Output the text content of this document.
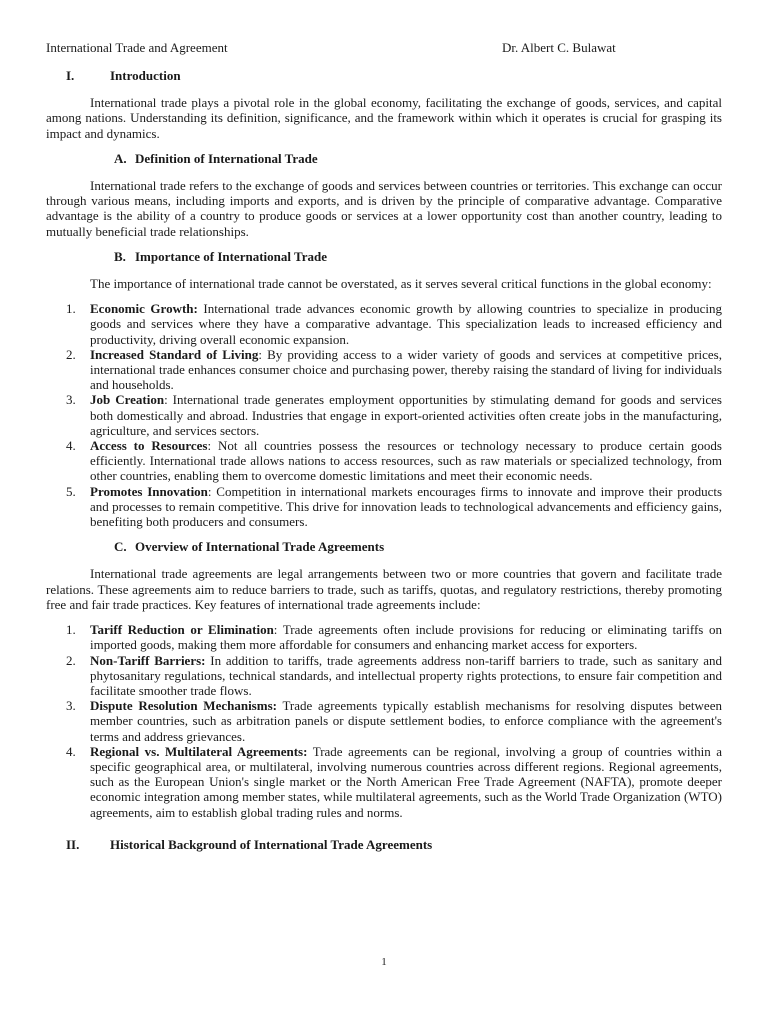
International Trade and Agreement	Dr. Albert C. Bulawat
I.	Introduction

International trade plays a pivotal role in the global economy, facilitating the exchange of goods, services, and capital among nations. Understanding its definition, significance, and the framework within which it operates is crucial for grasping its impact and dynamics.

A. Definition of International Trade

International trade refers to the exchange of goods and services between countries or territories. This exchange can occur through various means, including imports and exports, and is driven by the principle of comparative advantage. Comparative advantage is the ability of a country to produce goods or services at a lower opportunity cost than another country, leading to mutually beneficial trade relationships.

B. Importance of International Trade

The importance of international trade cannot be overstated, as it serves several critical functions in the global economy:

1.	Economic Growth: International trade advances economic growth by allowing countries to specialize in producing goods and services where they have a comparative advantage. This specialization leads to increased efficiency and productivity, driving overall economic expansion.
2.	Increased Standard of Living: By providing access to a wider variety of goods and services at competitive prices, international trade enhances consumer choice and purchasing power, thereby raising the standard of living for individuals and households.
3.	Job Creation: International trade generates employment opportunities by stimulating demand for goods and services both domestically and abroad. Industries that engage in export-oriented activities often create jobs in the manufacturing, agriculture, and services sectors.
4.	Access to Resources: Not all countries possess the resources or technology necessary to produce certain goods efficiently. International trade allows nations to access resources, such as raw materials or specialized technology, from other countries, enabling them to overcome domestic limitations and meet their economic needs.
5.	Promotes Innovation: Competition in international markets encourages firms to innovate and improve their products and processes to remain competitive. This drive for innovation leads to technological advancements and efficiency gains, benefiting both producers and consumers.
C. Overview of International Trade Agreements

International trade agreements are legal arrangements between two or more countries that govern and facilitate trade relations. These agreements aim to reduce barriers to trade, such as tariffs, quotas, and regulatory restrictions, thereby promoting free and fair trade practices. Key features of international trade agreements include:

1.	Tariff Reduction or Elimination: Trade agreements often include provisions for reducing or eliminating tariffs on imported goods, making them more affordable for consumers and enhancing market access for exporters.
2.	Non-Tariff Barriers: In addition to tariffs, trade agreements address non-tariff barriers to trade, such as sanitary and phytosanitary regulations, technical standards, and intellectual property rights protections, to ensure fair competition and facilitate smoother trade flows.
3.	Dispute Resolution Mechanisms: Trade agreements typically establish mechanisms for resolving disputes between member countries, such as arbitration panels or dispute settlement bodies, to enforce compliance with the agreement's terms and address grievances.
4.	Regional vs. Multilateral Agreements: Trade agreements can be regional, involving a group of countries within a specific geographical area, or multilateral, involving numerous countries across different regions. Regional agreements, such as the European Union's single market or the North American Free Trade Agreement (NAFTA), promote deeper economic integration among member states, while multilateral agreements, such as the World Trade Organization (WTO) agreements, aim to establish global trading rules and norms.
II.	Historical Background of International Trade Agreements
1
